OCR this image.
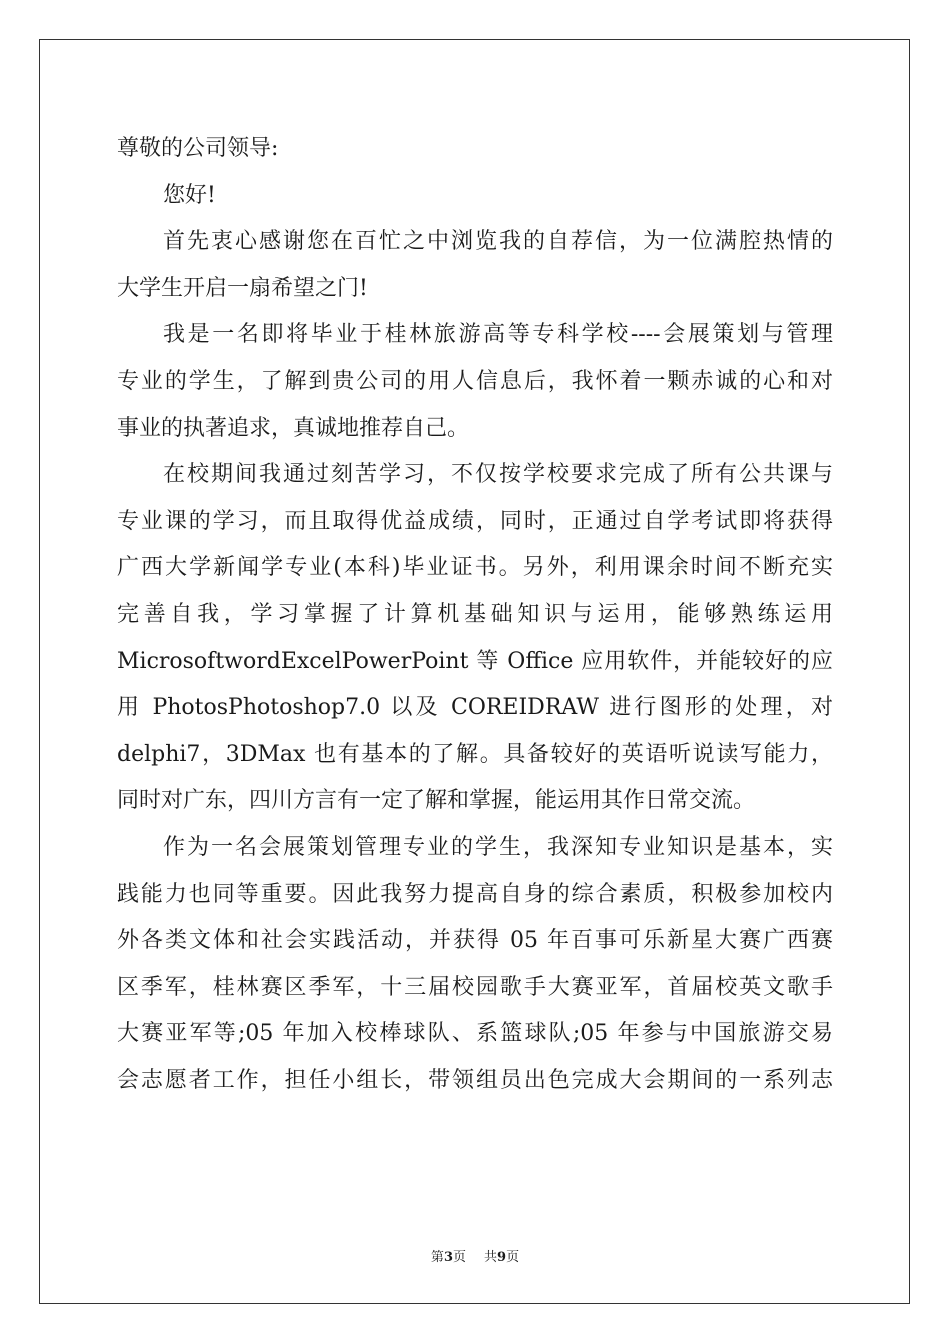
尊敬的公司领导:
您好!
首先衷心感谢您在百忙之中浏览我的自荐信，为一位满腔热情的
大学生开启一扇希望之门!
我是一名即将毕业于桂林旅游高等专科学校----会展策划与管理
专业的学生，了解到贵公司的用人信息后，我怀着一颗赤诚的心和对
事业的执著追求，真诚地推荐自己。
在校期间我通过刻苦学习，不仅按学校要求完成了所有公共课与
专业课的学习，而且取得优益成绩，同时，正通过自学考试即将获得
广西大学新闻学专业(本科)毕业证书。另外，利用课余时间不断充实
完善自我，学习掌握了计算机基础知识与运用，能够熟练运用
MicrosoftwordExcelPowerPoint 等 Office 应用软件，并能较好的应
用 PhotosPhotoshop7.0 以及 COREIDRAW 进行图形的处理，对
delphi7，3DMax 也有基本的了解。具备较好的英语听说读写能力，
同时对广东，四川方言有一定了解和掌握，能运用其作日常交流。
作为一名会展策划管理专业的学生，我深知专业知识是基本，实
践能力也同等重要。因此我努力提高自身的综合素质，积极参加校内
外各类文体和社会实践活动，并获得 05 年百事可乐新星大赛广西赛
区季军，桂林赛区季军，十三届校园歌手大赛亚军，首届校英文歌手
大赛亚军等;05 年加入校棒球队、系篮球队;05 年参与中国旅游交易
会志愿者工作，担任小组长，带领组员出色完成大会期间的一系列志
第3页 共9页
